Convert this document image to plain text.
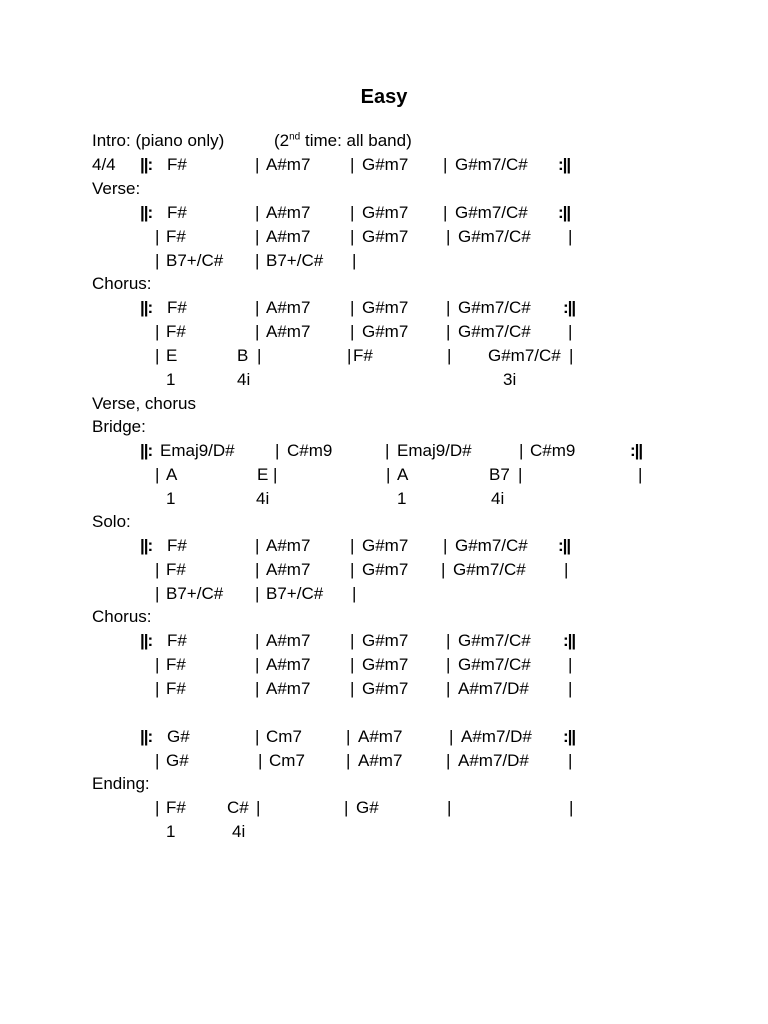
Easy
Intro: (piano only)	(2nd time: all band)
4/4 ||: F#	| A#m7 | G#m7 | G#m7/C# :||
Verse:
||: F#	| A#m7 | G#m7 | G#m7/C# :||
| F#	| A#m7 | G#m7 | G#m7/C# |
| B7+/C# | B7+/C# |
Chorus:
||: F#	| A#m7 | G#m7 | G#m7/C# :||
| F#	| A#m7 | G#m7 | G#m7/C# |
| E	B |	| F#	| G#m7/C# |
1	4i	3i
Verse, chorus
Bridge:
||: Emaj9/D# | C#m9	| Emaj9/D#	| C#m9	:||
| A	E |	| A	B7 |	|
1	4i	1	4i
Solo:
||: F#	| A#m7 | G#m7 | G#m7/C# :||
| F#	| A#m7 | G#m7 | G#m7/C# |
| B7+/C# | B7+/C# |
Chorus:
||: F#	| A#m7 | G#m7 | G#m7/C# :||
| F#	| A#m7 | G#m7 | G#m7/C# |
| F#	| A#m7 | G#m7 | A#m7/D# |
||: G#	| Cm7	| A#m7	| A#m7/D# :||
| G#	| Cm7 | A#m7	| A#m7/D# |
Ending:
| F# C# |	| G#	|	|
1	4i
